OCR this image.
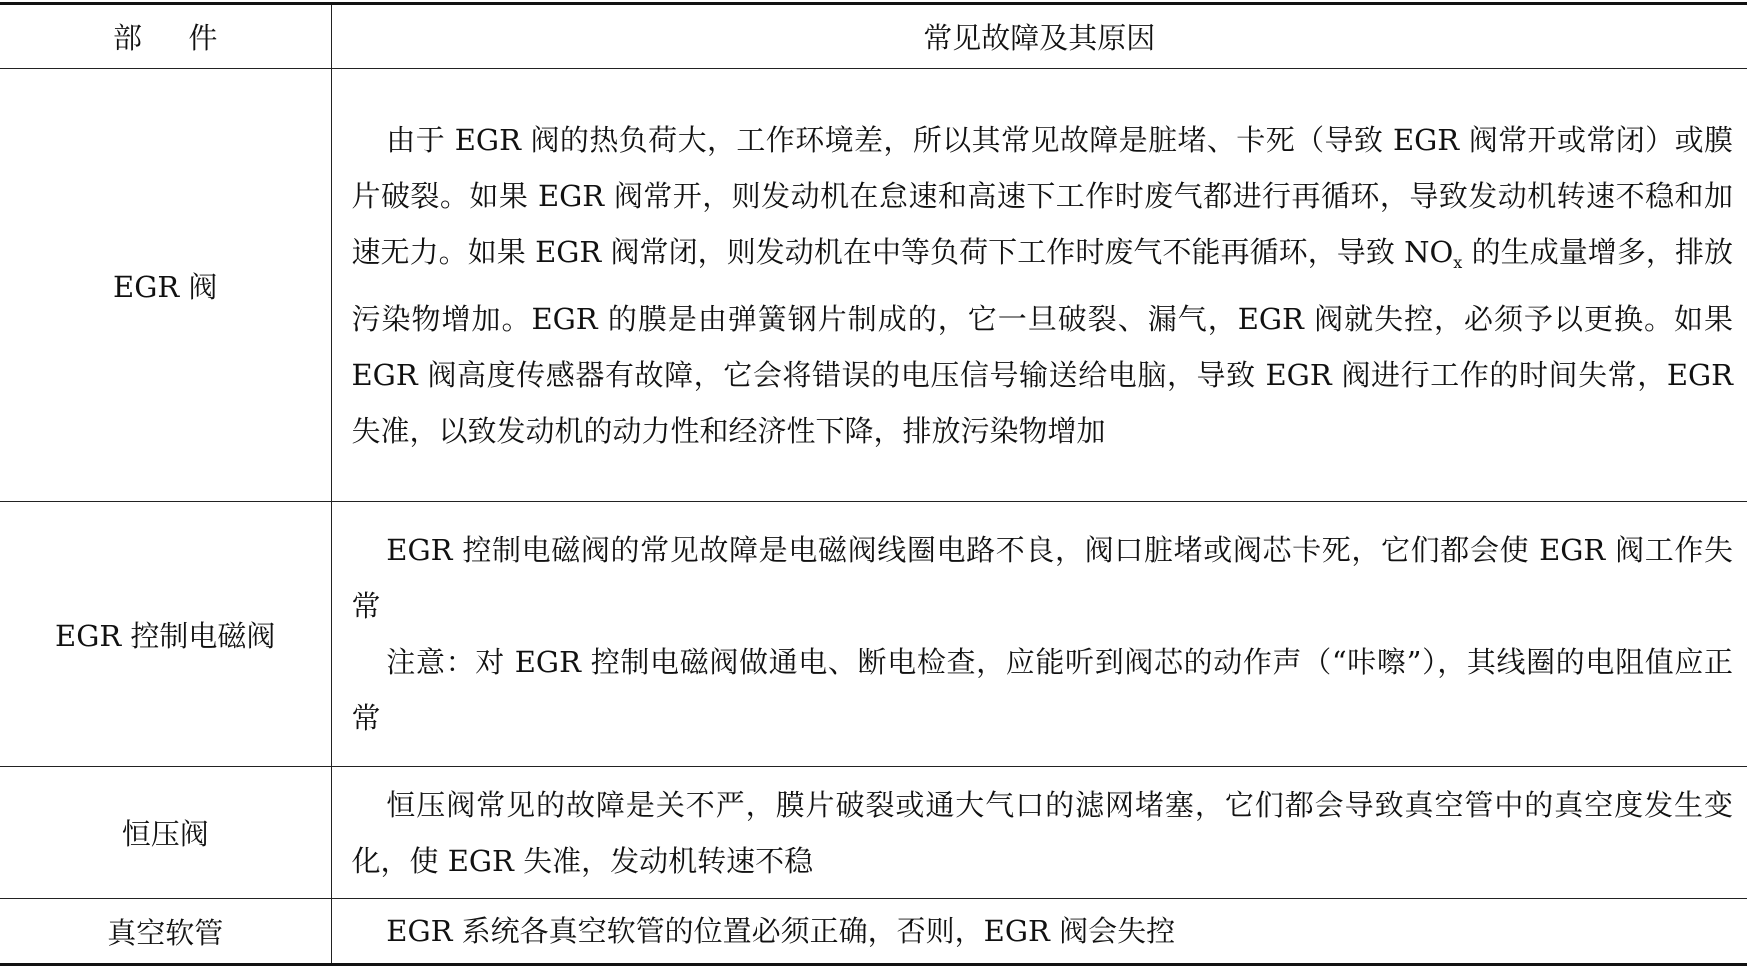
部件	常见故障及其原因
EGR 阀	由于 EGR 阀的热负荷大，工作环境差，所以其常见故障是脏堵、卡死（导致 EGR 阀常开或常闭）或膜片破裂。如果 EGR 阀常开，则发动机在怠速和高速下工作时废气都进行再循环，导致发动机转速不稳和加速无力。如果 EGR 阀常闭，则发动机在中等负荷下工作时废气不能再循环，导致 $NO_x$ 的生成量增多，排放污染物增加。EGR 的膜是由弹簧钢片制成的，它一旦破裂、漏气，EGR 阀就失控，必须予以更换。如果 EGR 阀高度传感器有故障，它会将错误的电压信号输送给电脑，导致 EGR 阀进行工作的时间失常，EGR 失准，以致发动机的动力性和经济性下降，排放污染物增加

EGR 控制电磁阀	EGR 控制电磁阀的常见故障是电磁阀线圈电路不良，阀口脏堵或阀芯卡死，它们都会使 EGR 阀工作失常

注意：对 EGR 控制电磁阀做通电、断电检查，应能听到阀芯的动作声（“咔嚓”），其线圈的电阻值应正常

恒压阀	恒压阀常见的故障是关不严，膜片破裂或通大气口的滤网堵塞，它们都会导致真空管中的真空度发生变化，使 EGR 失准，发动机转速不稳

真空软管	EGR 系统各真空软管的位置必须正确，否则，EGR 阀会失控
